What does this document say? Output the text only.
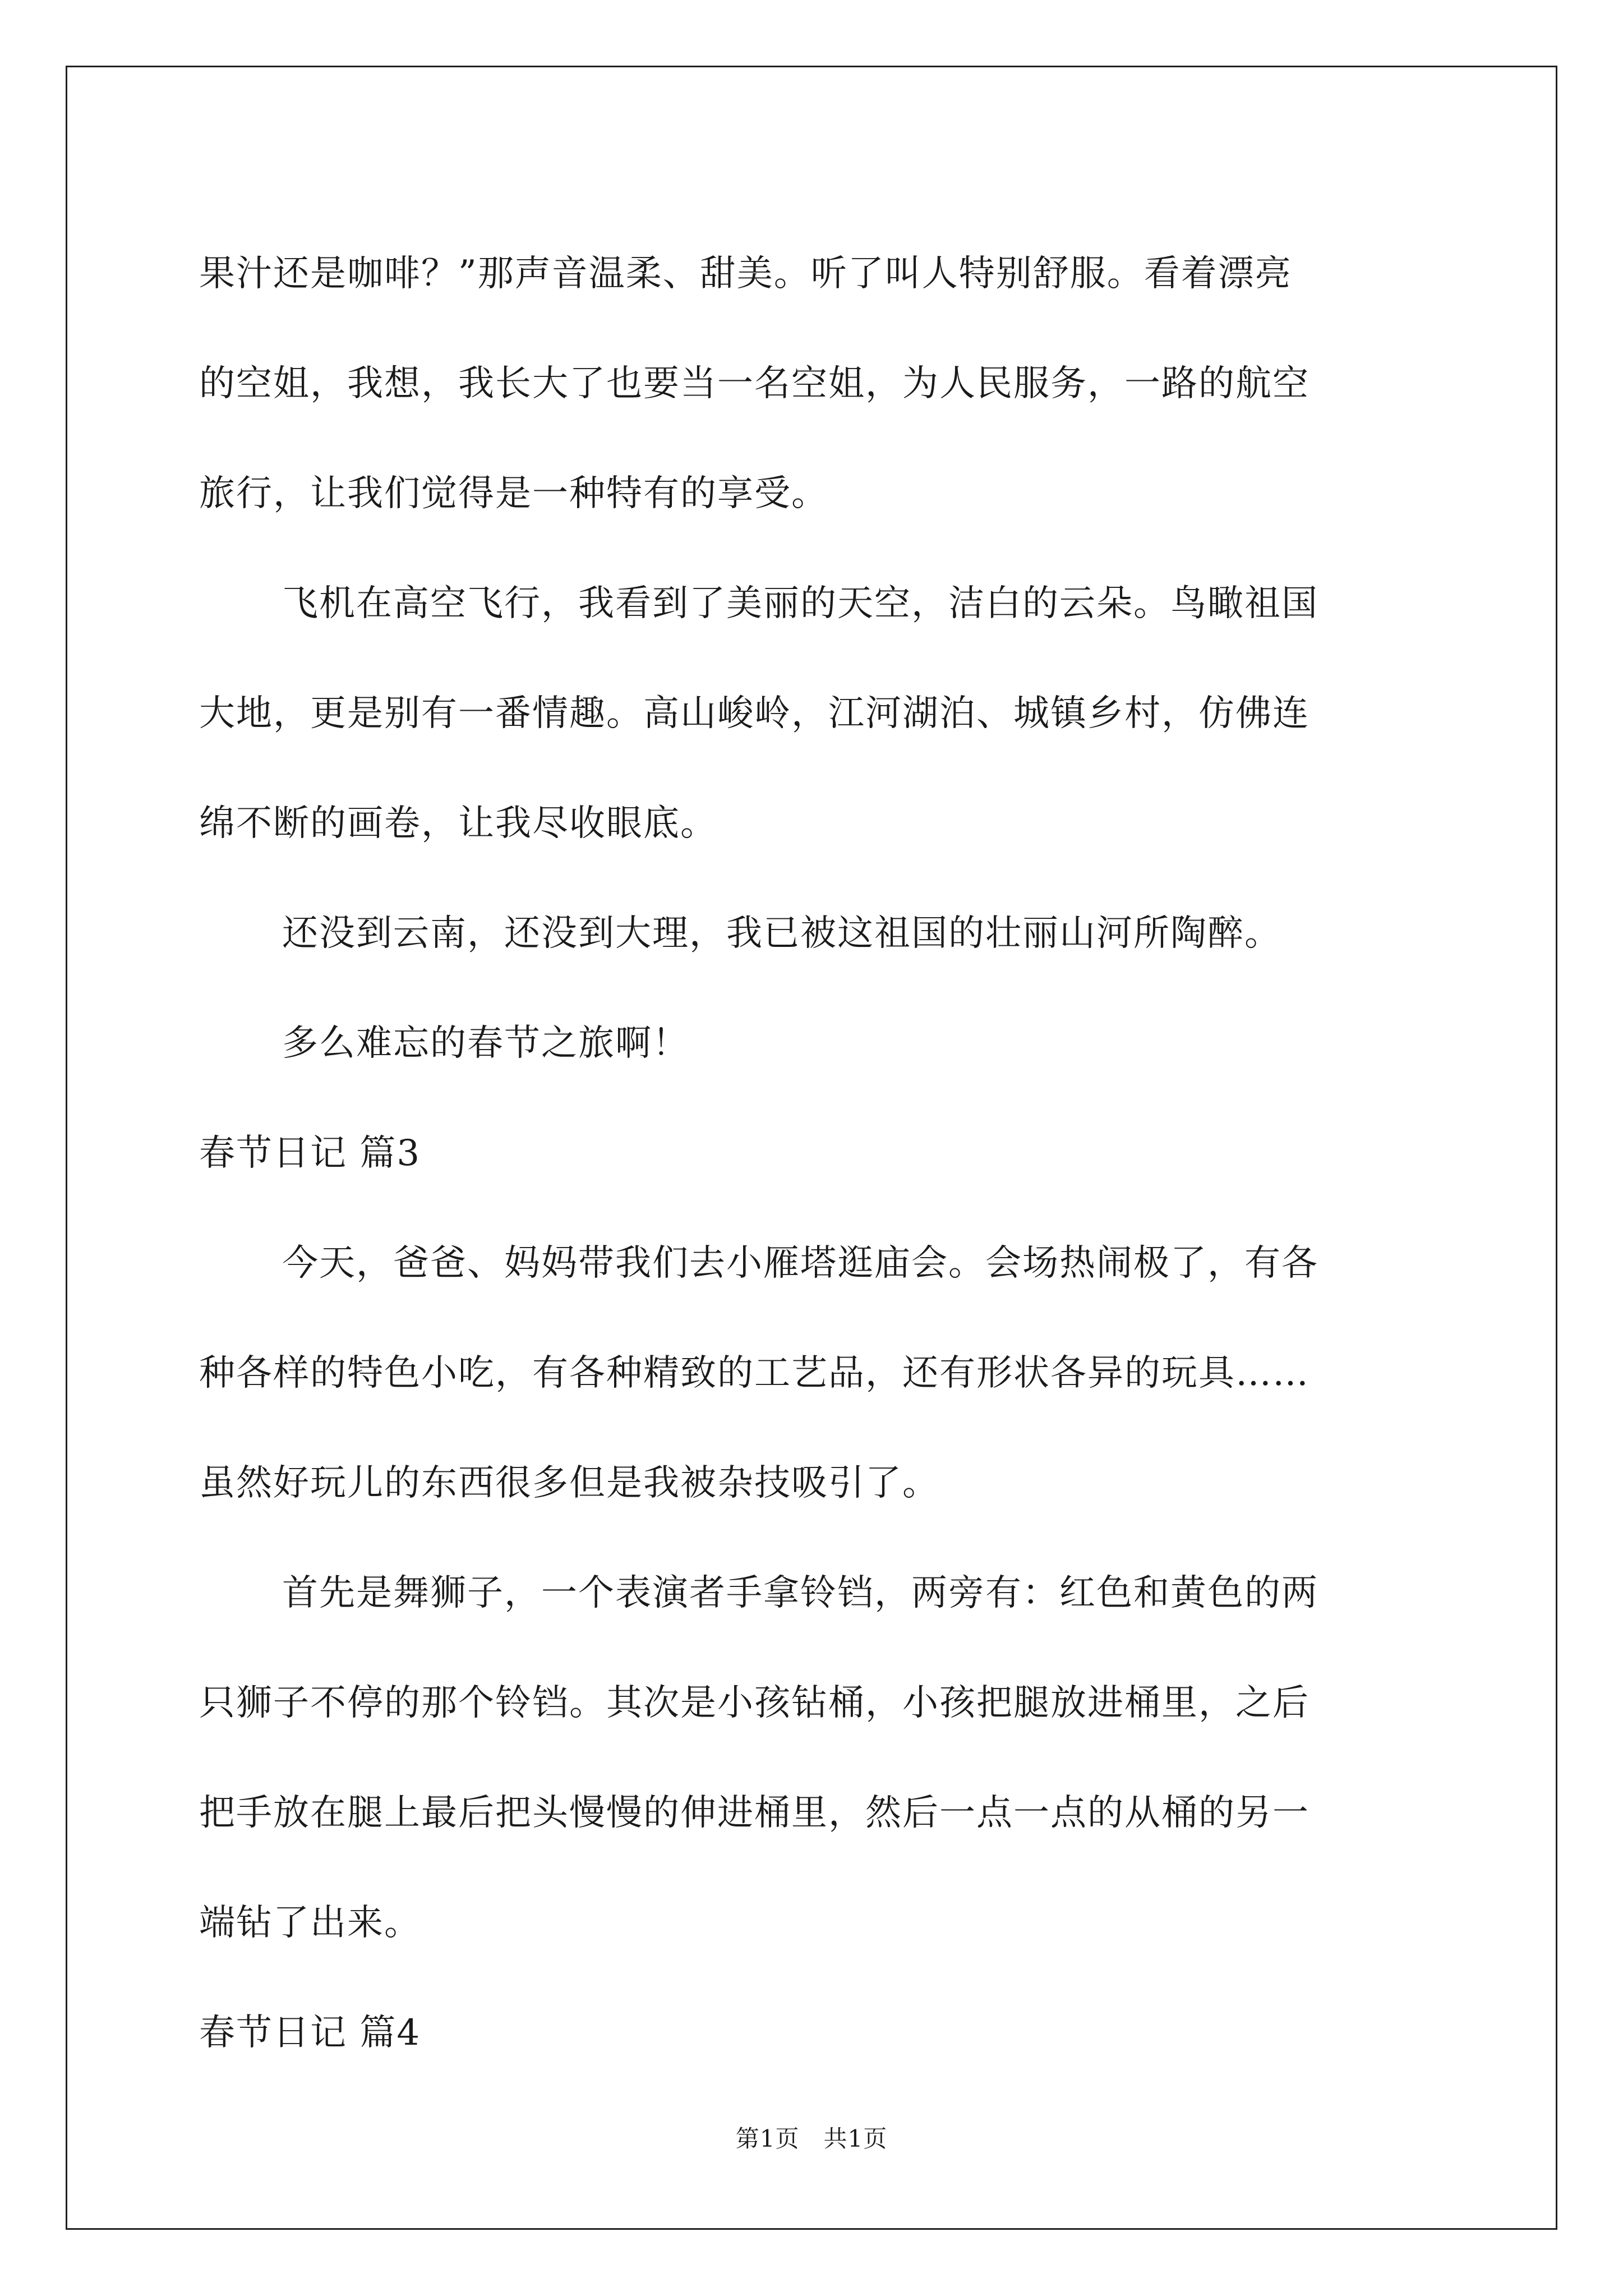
果汁还是咖啡？”那声音温柔、甜美。听了叫人特别舒服。看着漂亮
的空姐，我想，我长大了也要当一名空姐，为人民服务，一路的航空
旅行，让我们觉得是一种特有的享受。
飞机在高空飞行，我看到了美丽的天空，洁白的云朵。鸟瞰祖国
大地，更是别有一番情趣。高山峻岭，江河湖泊、城镇乡村，仿佛连
绵不断的画卷，让我尽收眼底。
还没到云南，还没到大理，我已被这祖国的壮丽山河所陶醉。
多么难忘的春节之旅啊！
春节日记 篇3
今天，爸爸、妈妈带我们去小雁塔逛庙会。会场热闹极了，有各
种各样的特色小吃，有各种精致的工艺品，还有形状各异的玩具……
虽然好玩儿的东西很多但是我被杂技吸引了。
首先是舞狮子，一个表演者手拿铃铛，两旁有：红色和黄色的两
只狮子不停的那个铃铛。其次是小孩钻桶，小孩把腿放进桶里，之后
把手放在腿上最后把头慢慢的伸进桶里，然后一点一点的从桶的另一
端钻了出来。
春节日记 篇4
第1页 共1页
